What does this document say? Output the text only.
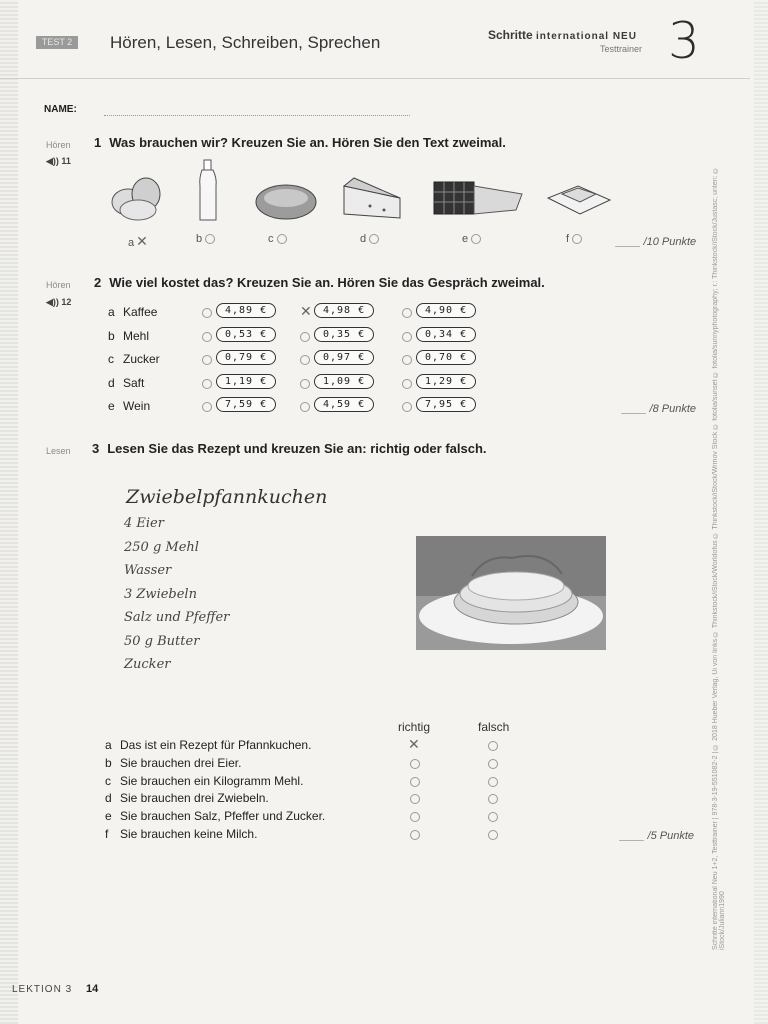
TEST 2	Hören, Lesen, Schreiben, Sprechen	Schritte international NEU
Testtrainer 3
NAME:
Hören
◀)) 11
1 Was brauchen wir? Kreuzen Sie an. Hören Sie den Text zweimal.
a ✕	b	c	d	e	f	____ /10 Punkte
Hören
◀)) 12
2 Wie viel kostet das? Kreuzen Sie an. Hören Sie das Gespräch zweimal.
a Kaffee	4,89 €	✕	4,98 €	4,90 €
b Mehl	0,53 €	0,35 €	0,34 €
c Zucker	0,79 €	0,97 €	0,70 €
d Saft	1,19 €	1,09 €	1,29 €
e Wein	7,59 €	4,59 €	7,95 €	____ /8 Punkte
Lesen 3 Lesen Sie das Rezept und kreuzen Sie an: richtig oder falsch.
Zwiebelpfannkuchen
4 Eier
250 g Mehl
Wasser
3 Zwiebeln
Salz und Pfeffer
50 g Butter
Zucker
richtig	falsch
a Das ist ein Rezept für Pfannkuchen.	✕
b Sie brauchen drei Eier.
c Sie brauchen ein Kilogramm Mehl.
d Sie brauchen drei Zwiebeln.
e Sie brauchen Salz, Pfeffer und Zucker.
f Sie brauchen keine Milch.	____ /5 Punkte	Schritte international Neu 1+2, Testtrainer | 978-3-19-551082-2 | © 2018 Hueber Verlag, Ui von links © Thinkstock/iStock/Worldofus © Thinkstock/iStock/Wrmov Stock © fotolia/sunset © fotolia/sunnyphotography; r.: Thinkstock/iStock/Justasc; unten: © iStock/Juliann1990
LEKTION 3 14
